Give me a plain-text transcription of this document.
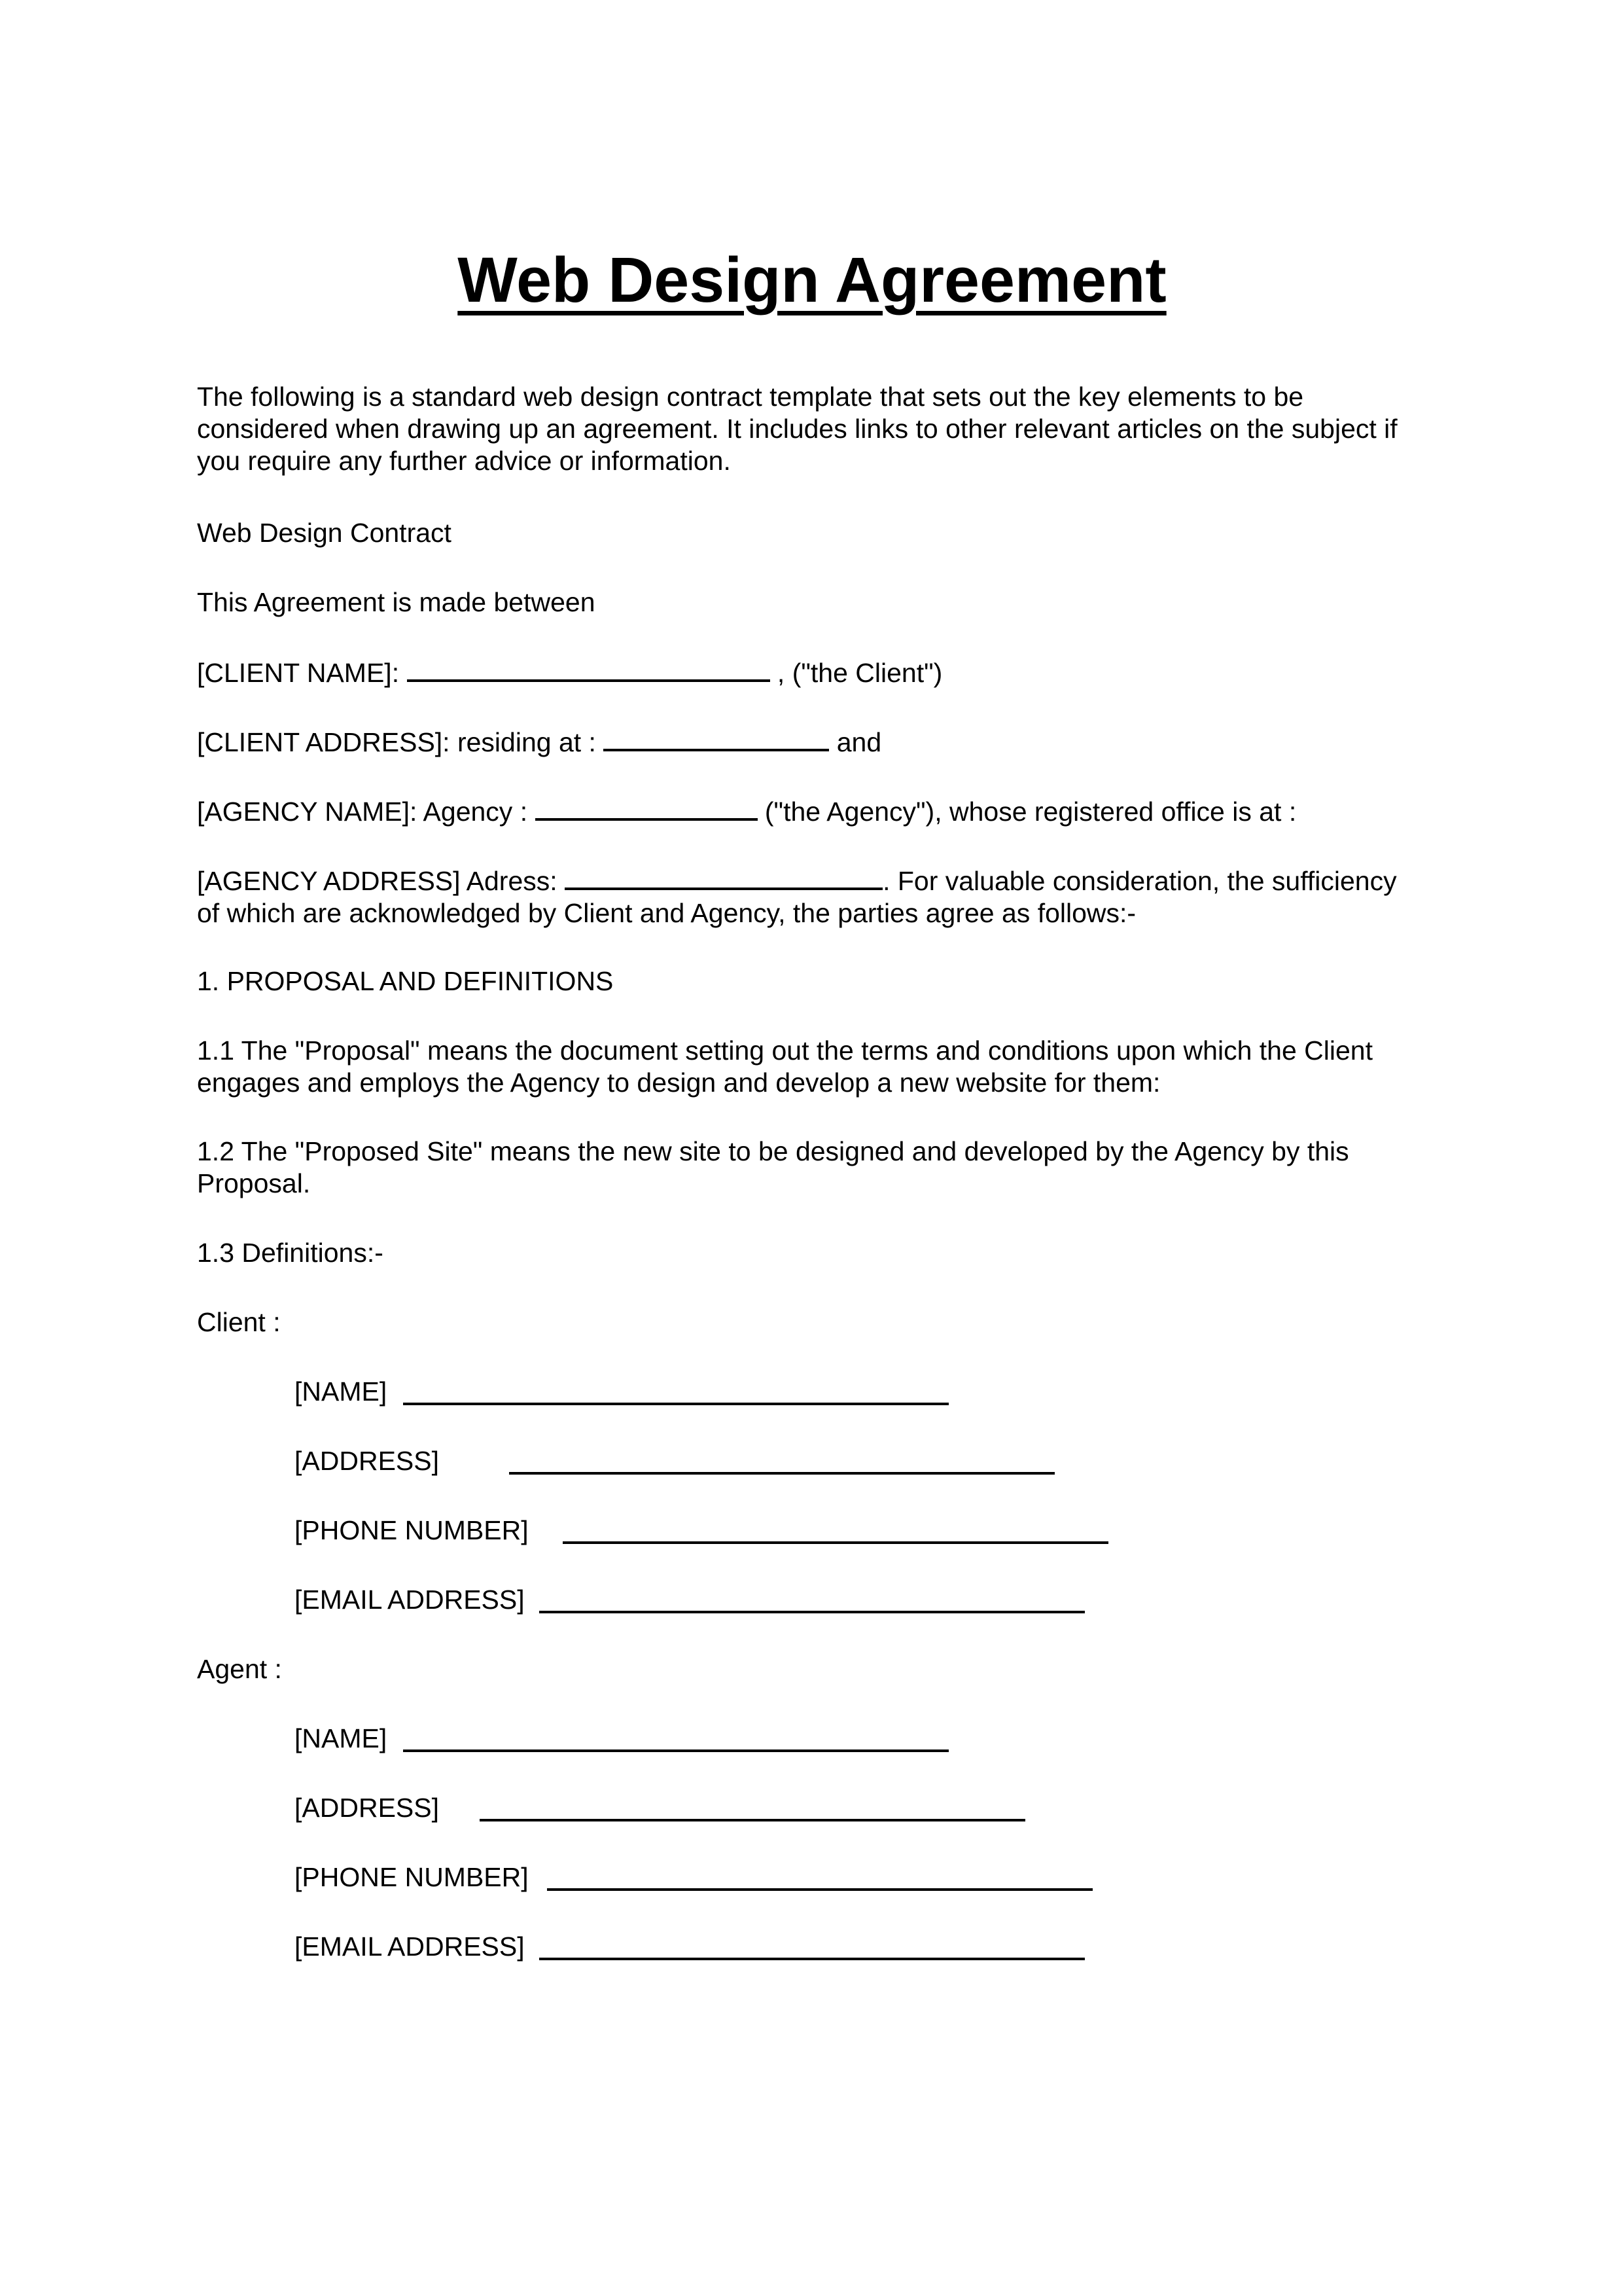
Web Design Agreement

The following is a standard web design contract template that sets out the key elements to be
considered when drawing up an agreement. It includes links to other relevant articles on the subject if
you require any further advice or information.

Web Design Contract

This Agreement is made between

[CLIENT NAME]:	, ("the Client")

[CLIENT ADDRESS]: residing at :	and

[AGENCY NAME]: Agency :	("the Agency"), whose registered office is at :

[AGENCY ADDRESS] Adress:	. For valuable consideration, the sufficiency
of which are acknowledged by Client and Agency, the parties agree as follows:-

1. PROPOSAL AND DEFINITIONS

1.1 The "Proposal" means the document setting out the terms and conditions upon which the Client
engages and employs the Agency to design and develop a new website for them:

1.2 The "Proposed Site" means the new site to be designed and developed by the Agency by this
Proposal.

1.3 Definitions:-

Client :

[NAME]
[ADDRESS]
[PHONE NUMBER]
[EMAIL ADDRESS]

Agent :

[NAME]
[ADDRESS]
[PHONE NUMBER]
[EMAIL ADDRESS]
